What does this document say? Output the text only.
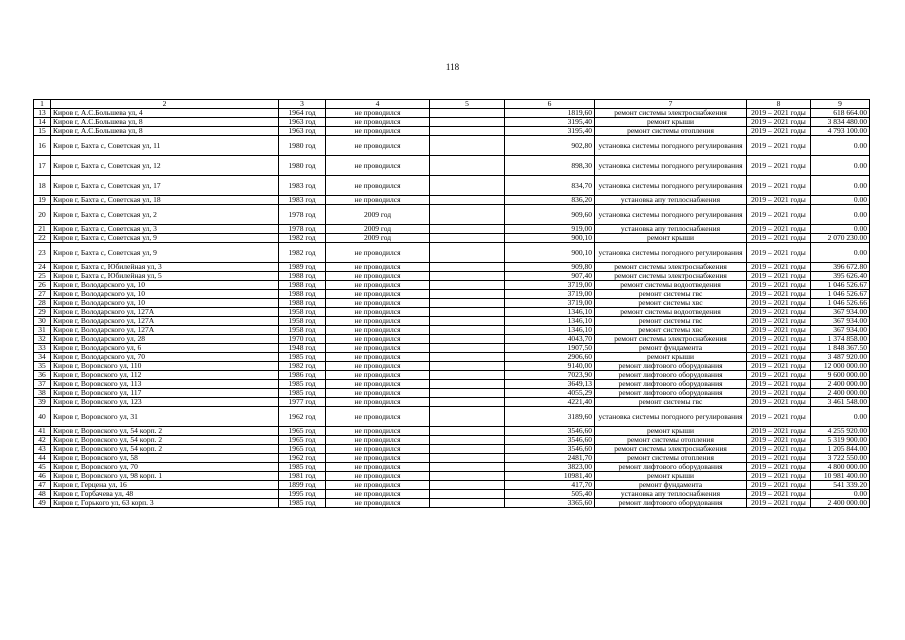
118
1	2	3	4	5	6	7	8	9
13	Киров г, А.С.Большева ул, 4	1964 год	не проводился		1819,60	ремонт системы электроснабжения	2019 – 2021 годы	618 664.00
14	Киров г, А.С.Большева ул, 8	1963 год	не проводился		3195,40	ремонт крыши	2019 – 2021 годы	3 834 480.00
15	Киров г, А.С.Большева ул, 8	1963 год	не проводился		3195,40	ремонт системы отопления	2019 – 2021 годы	4 793 100.00
16	Киров г, Бахта с, Советская ул, 11	1980 год	не проводился		902,80	установка системы погодного регулирования	2019 – 2021 годы	0.00
17	Киров г, Бахта с, Советская ул, 12	1980 год	не проводился		898,30	установка системы погодного регулирования	2019 – 2021 годы	0.00
18	Киров г, Бахта с, Советская ул, 17	1983 год	не проводился		834,70	установка системы погодного регулирования	2019 – 2021 годы	0.00
19	Киров г, Бахта с, Советская ул, 18	1983 год	не проводился		836,20	установка апу теплоснабжения	2019 – 2021 годы	0.00
20	Киров г, Бахта с, Советская ул, 2	1978 год	2009 год		909,60	установка системы погодного регулирования	2019 – 2021 годы	0.00
21	Киров г, Бахта с, Советская ул, 3	1978 год	2009 год		919,00	установка апу теплоснабжения	2019 – 2021 годы	0.00
22	Киров г, Бахта с, Советская ул, 9	1982 год	2009 год		900,10	ремонт крыши	2019 – 2021 годы	2 070 230.00
23	Киров г, Бахта с, Советская ул, 9	1982 год	не проводился		900,10	установка системы погодного регулирования	2019 – 2021 годы	0.00
24	Киров г, Бахта с, Юбилейная ул, 3	1989 год	не проводился		909,80	ремонт системы электроснабжения	2019 – 2021 годы	396 672.80
25	Киров г, Бахта с, Юбилейная ул, 5	1988 год	не проводился		907,40	ремонт системы электроснабжения	2019 – 2021 годы	395 626.40
26	Киров г, Володарского ул, 10	1988 год	не проводился		3719,00	ремонт системы водоотведения	2019 – 2021 годы	1 046 526.67
27	Киров г, Володарского ул, 10	1988 год	не проводился		3719,00	ремонт системы гвс	2019 – 2021 годы	1 046 526.67
28	Киров г, Володарского ул, 10	1988 год	не проводился		3719,00	ремонт системы хвс	2019 – 2021 годы	1 046 526.66
29	Киров г, Володарского ул, 127А	1958 год	не проводился		1346,10	ремонт системы водоотведения	2019 – 2021 годы	367 934.00
30	Киров г, Володарского ул, 127А	1958 год	не проводился		1346,10	ремонт системы гвс	2019 – 2021 годы	367 934.00
31	Киров г, Володарского ул, 127А	1958 год	не проводился		1346,10	ремонт системы хвс	2019 – 2021 годы	367 934.00
32	Киров г, Володарского ул, 28	1970 год	не проводился		4043,70	ремонт системы электроснабжения	2019 – 2021 годы	1 374 858.00
33	Киров г, Володарского ул, 6	1948 год	не проводился		1907,50	ремонт фундамента	2019 – 2021 годы	1 848 367.50
34	Киров г, Володарского ул, 70	1985 год	не проводился		2906,60	ремонт крыши	2019 – 2021 годы	3 487 920.00
35	Киров г, Воровского ул, 110	1982 год	не проводился		9140,00	ремонт лифтового оборудования	2019 – 2021 годы	12 000 000.00
36	Киров г, Воровского ул, 112	1986 год	не проводился		7023,90	ремонт лифтового оборудования	2019 – 2021 годы	9 600 000.00
37	Киров г, Воровского ул, 113	1985 год	не проводился		3649,13	ремонт лифтового оборудования	2019 – 2021 годы	2 400 000.00
38	Киров г, Воровского ул, 117	1985 год	не проводился		4055,29	ремонт лифтового оборудования	2019 – 2021 годы	2 400 000.00
39	Киров г, Воровского ул, 123	1977 год	не проводился		4221,40	ремонт системы гвс	2019 – 2021 годы	3 461 548.00
40	Киров г, Воровского ул, 31	1962 год	не проводился		3189,60	установка системы погодного регулирования	2019 – 2021 годы	0.00
41	Киров г, Воровского ул, 54 корп. 2	1965 год	не проводился		3546,60	ремонт крыши	2019 – 2021 годы	4 255 920.00
42	Киров г, Воровского ул, 54 корп. 2	1965 год	не проводился		3546,60	ремонт системы отопления	2019 – 2021 годы	5 319 900.00
43	Киров г, Воровского ул, 54 корп. 2	1965 год	не проводился		3546,60	ремонт системы электроснабжения	2019 – 2021 годы	1 205 844.00
44	Киров г, Воровского ул, 58	1962 год	не проводился		2481,70	ремонт системы отопления	2019 – 2021 годы	3 722 550.00
45	Киров г, Воровского ул, 70	1985 год	не проводился		3823,00	ремонт лифтового оборудования	2019 – 2021 годы	4 800 000.00
46	Киров г, Воровского ул, 98 корп. 1	1981 год	не проводился		10981,40	ремонт крыши	2019 – 2021 годы	10 981 400.00
47	Киров г, Герцена ул, 16	1899 год	не проводился		417,70	ремонт фундамента	2019 – 2021 годы	541 339.20
48	Киров г, Горбачева ул, 48	1995 год	не проводился		505,40	установка апу теплоснабжения	2019 – 2021 годы	0.00
49	Киров г, Горького ул, 63 корп. 3	1985 год	не проводился		3365,60	ремонт лифтового оборудования	2019 – 2021 годы	2 400 000.00
